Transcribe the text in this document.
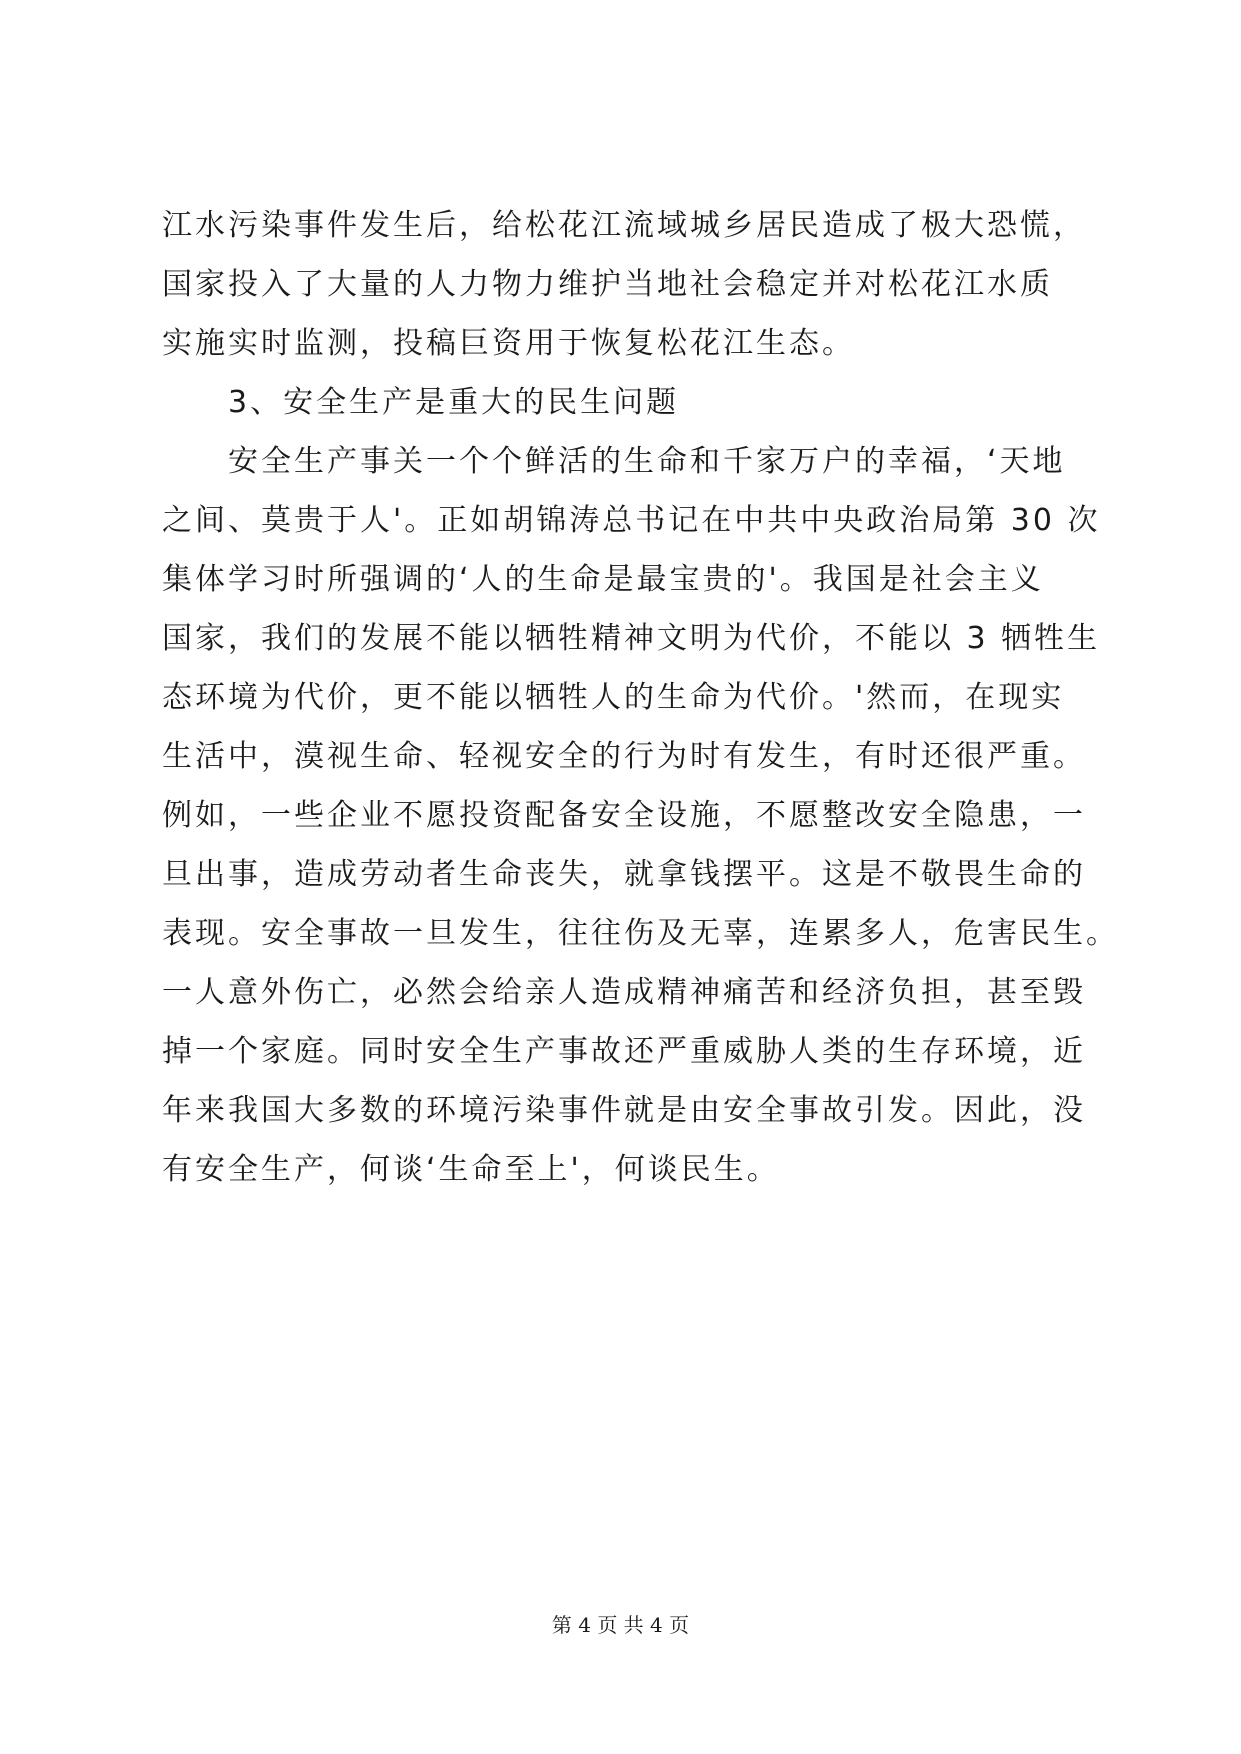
江水污染事件发生后，给松花江流域城乡居民造成了极大恐慌，
国家投入了大量的人力物力维护当地社会稳定并对松花江水质
实施实时监测，投稿巨资用于恢复松花江生态。
3、安全生产是重大的民生问题
安全生产事关一个个鲜活的生命和千家万户的幸福，‘天地
之间、莫贵于人'。正如胡锦涛总书记在中共中央政治局第 30 次
集体学习时所强调的‘人的生命是最宝贵的'。我国是社会主义
国家，我们的发展不能以牺牲精神文明为代价，不能以 3 牺牲生
态环境为代价，更不能以牺牲人的生命为代价。'然而，在现实
生活中，漠视生命、轻视安全的行为时有发生，有时还很严重。
例如，一些企业不愿投资配备安全设施，不愿整改安全隐患，一
旦出事，造成劳动者生命丧失，就拿钱摆平。这是不敬畏生命的
表现。安全事故一旦发生，往往伤及无辜，连累多人，危害民生。
一人意外伤亡，必然会给亲人造成精神痛苦和经济负担，甚至毁
掉一个家庭。同时安全生产事故还严重威胁人类的生存环境，近
年来我国大多数的环境污染事件就是由安全事故引发。因此，没
有安全生产，何谈‘生命至上'，何谈民生。
第 4 页 共 4 页
